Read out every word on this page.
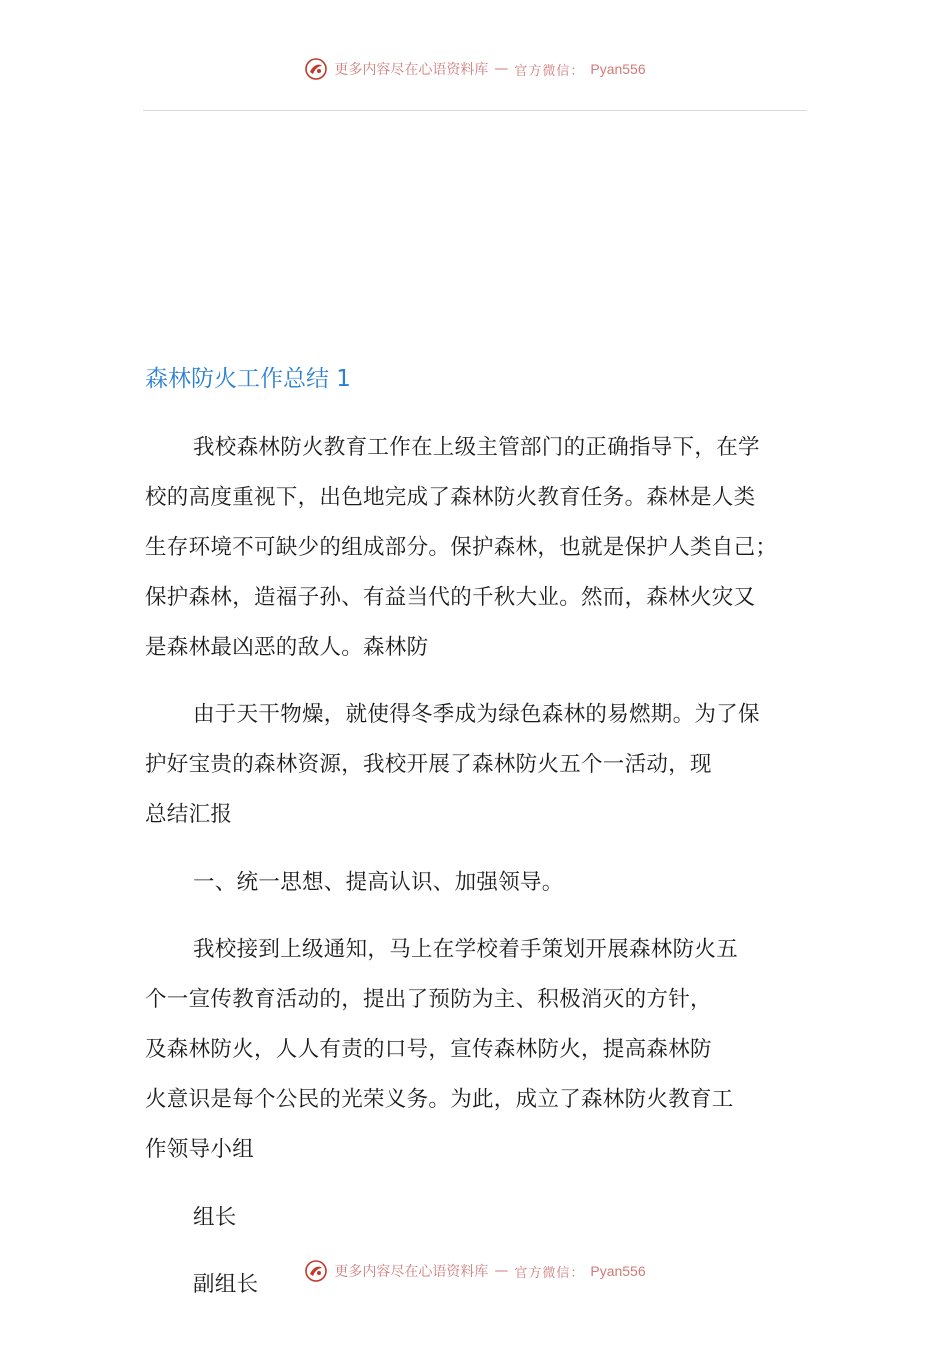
更多内容尽在心语资料库 — 官方微信： Pyan556
森林防火工作总结 1

我校森林防火教育工作在上级主管部门的正确指导下，在学
校的高度重视下，出色地完成了森林防火教育任务。森林是人类
生存环境不可缺少的组成部分。保护森林，也就是保护人类自己；
保护森林，造福子孙、有益当代的千秋大业。然而，森林火灾又
是森林最凶恶的敌人。森林防

由于天干物燥，就使得冬季成为绿色森林的易燃期。为了保
护好宝贵的森林资源，我校开展了森林防火五个一活动，现
总结汇报

一、统一思想、提高认识、加强领导。

我校接到上级通知，马上在学校着手策划开展森林防火五
个一宣传教育活动的，提出了预防为主、积极消灭的方针，
及森林防火，人人有责的口号，宣传森林防火，提高森林防
火意识是每个公民的光荣义务。为此，成立了森林防火教育工
作领导小组

组长

副组长	更多内容尽在心语资料库 — 官方微信： Pyan556
